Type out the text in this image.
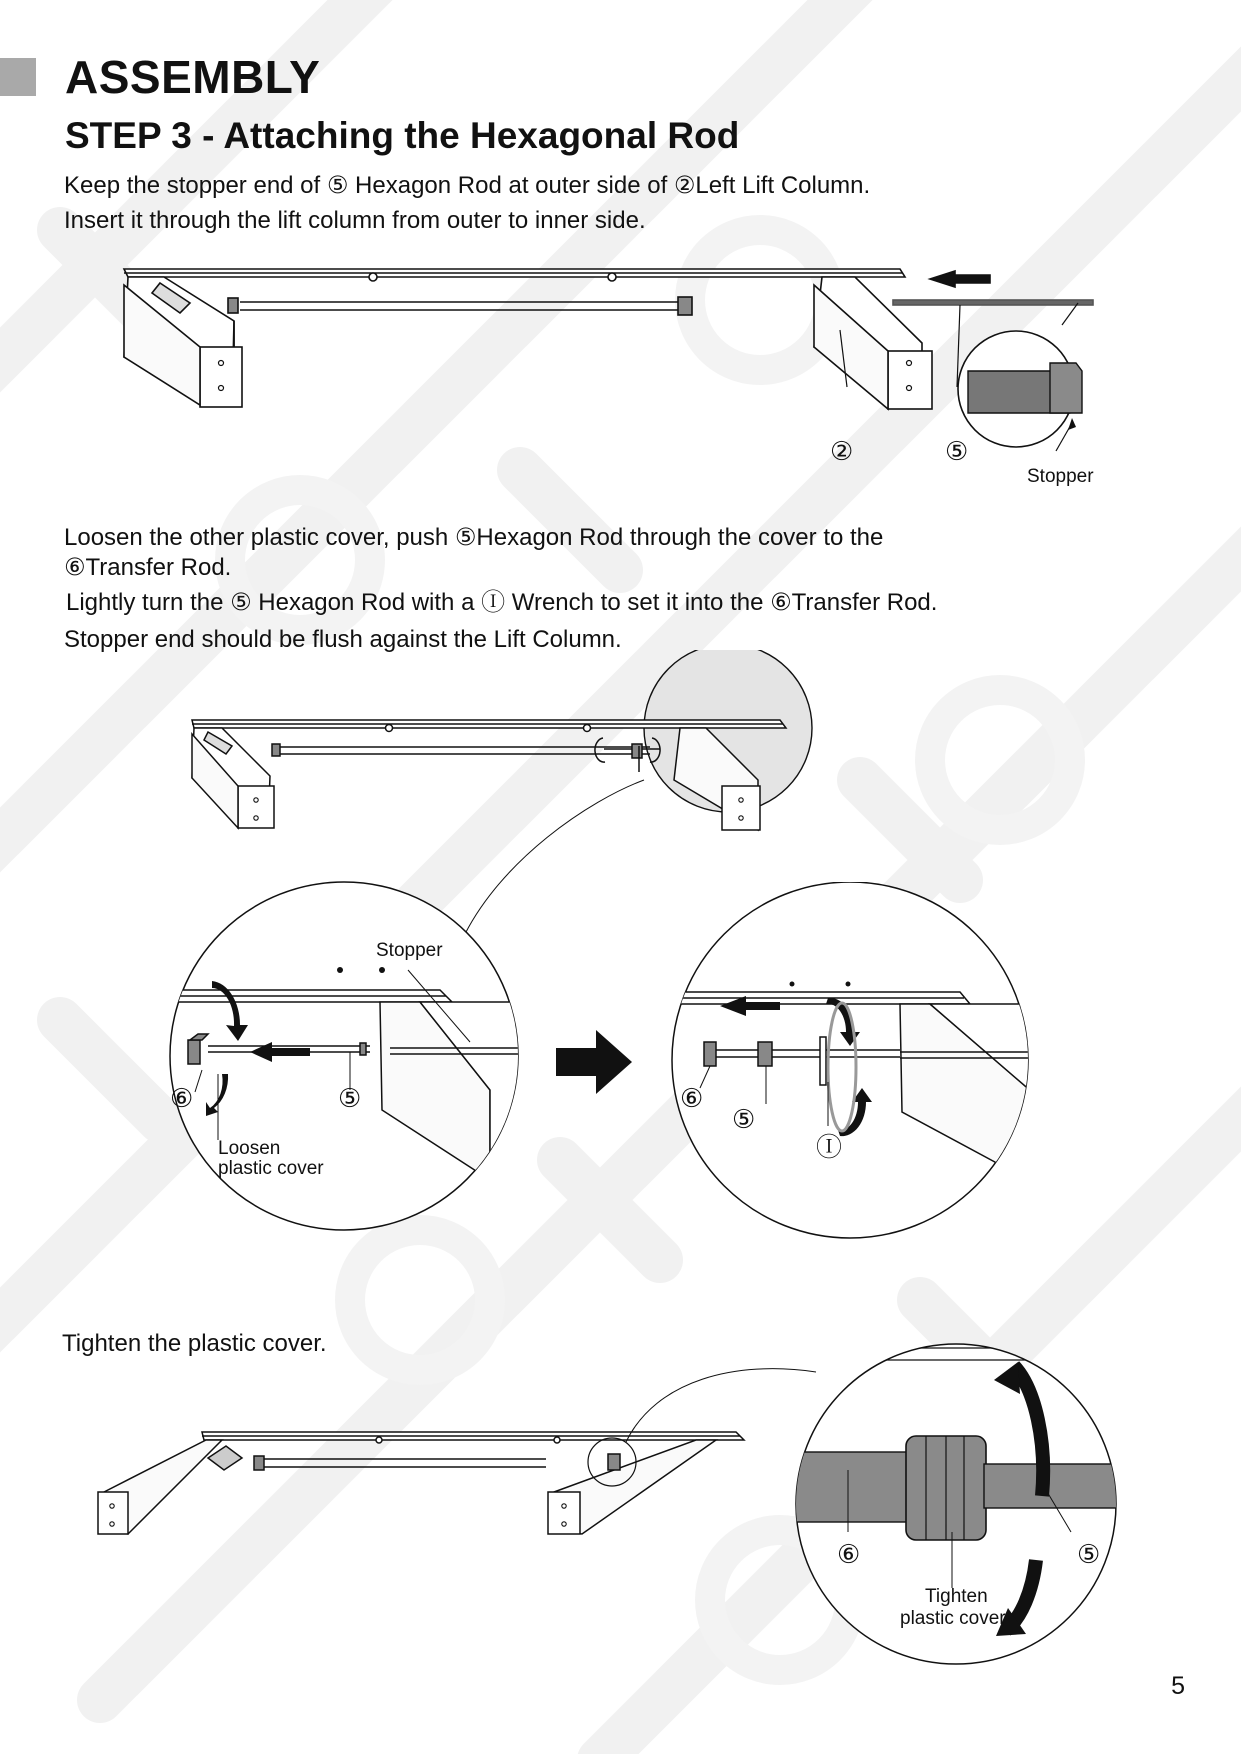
ASSEMBLY
STEP 3 - Attaching the Hexagonal Rod

Keep the stopper end of ⑤ Hexagon Rod at outer side of ②Left Lift Column.

Insert it through the lift column from outer to inner side.

②	⑤
Stopper

Loosen the other plastic cover, push ⑤Hexagon Rod through the cover to the

⑥Transfer Rod.

Lightly turn the ⑤ Hexagon Rod with a Ⓘ Wrench to set it into the ⑥Transfer Rod.

Stopper end should be flush against the Lift Column.

Stopper
⑥	⑤
Loosen
plastic cover
⑥
⑤
Ⓘ

Tighten the plastic cover.

⑥	⑤
Tighten
plastic cover
5
